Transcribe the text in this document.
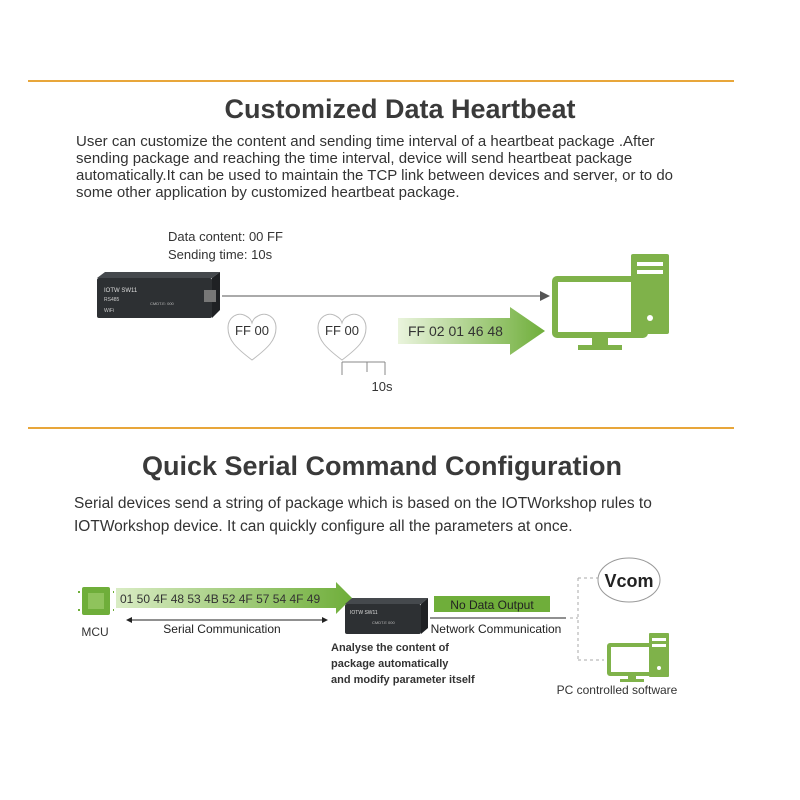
Customized Data Heartbeat

User can customize the content and sending time interval of a heartbeat package .After sending package and reaching the time interval, device will send heartbeat package automatically.It can be used to maintain the TCP link between devices and server, or to do some other application by customized heartbeat package.

Data content: 00 FF
Sending time: 10s
IOTW SW11
RS485
WiFi
CMDT.E: 000
FF 00	FF 00	FF 02 01 46 48
10s
IOTW SW11
CMDT.E 000
01 50 4F 48 53 4B 52 4F 57 54 4F 49
MCU	Serial Communication
No Data Output
Network Communication
Analyse the content of
package automatically
and modify parameter itself
Vcom
PC controlled software
Quick Serial Command Configuration

Serial devices send a string of package which is based on the IOTWorkshop rules to IOTWorkshop device. It can quickly configure all the parameters at once.
